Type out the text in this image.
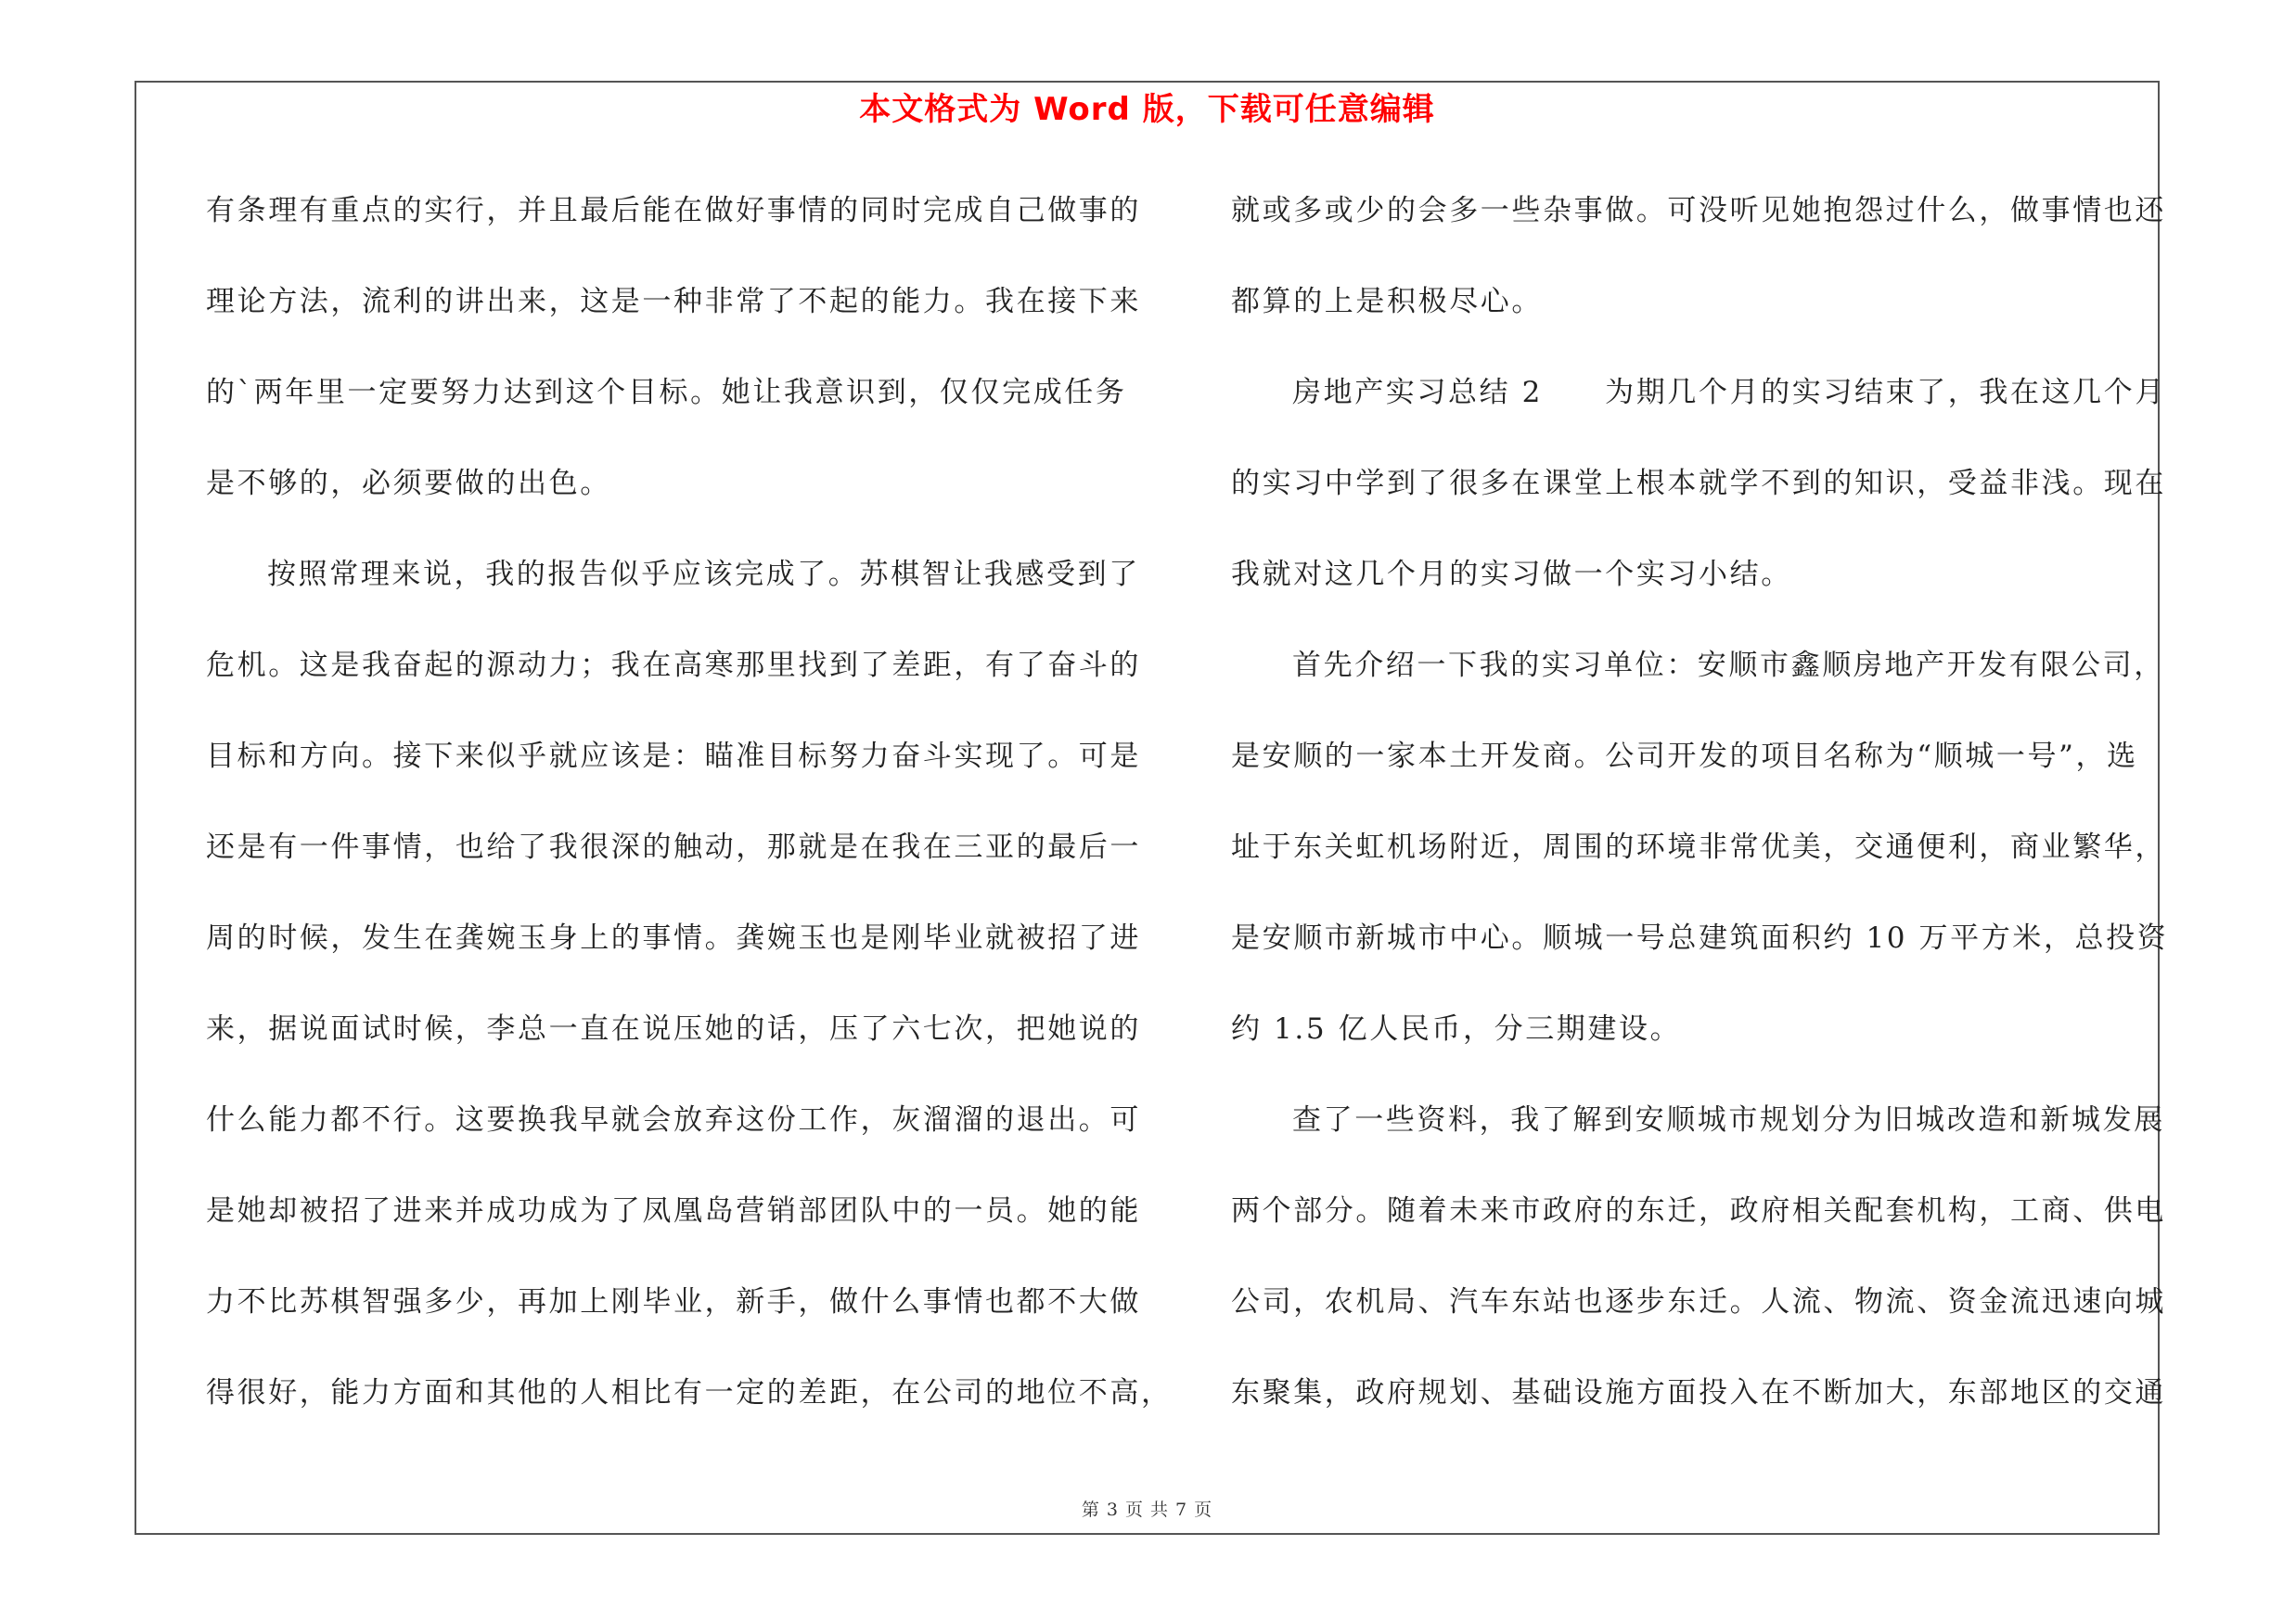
本文格式为 Word 版，下载可任意编辑
有条理有重点的实行，并且最后能在做好事情的同时完成自己做事的
理论方法，流利的讲出来，这是一种非常了不起的能力。我在接下来
的`两年里一定要努力达到这个目标。她让我意识到，仅仅完成任务
是不够的，必须要做的出色。
按照常理来说，我的报告似乎应该完成了。苏棋智让我感受到了
危机。这是我奋起的源动力；我在高寒那里找到了差距，有了奋斗的
目标和方向。接下来似乎就应该是：瞄准目标努力奋斗实现了。可是
还是有一件事情，也给了我很深的触动，那就是在我在三亚的最后一
周的时候，发生在龚婉玉身上的事情。龚婉玉也是刚毕业就被招了进
来，据说面试时候，李总一直在说压她的话，压了六七次，把她说的
什么能力都不行。这要换我早就会放弃这份工作，灰溜溜的退出。可
是她却被招了进来并成功成为了凤凰岛营销部团队中的一员。她的能
力不比苏棋智强多少，再加上刚毕业，新手，做什么事情也都不大做
得很好，能力方面和其他的人相比有一定的差距，在公司的地位不高，
就或多或少的会多一些杂事做。可没听见她抱怨过什么，做事情也还
都算的上是积极尽心。
房地产实习总结 2　　为期几个月的实习结束了，我在这几个月
的实习中学到了很多在课堂上根本就学不到的知识，受益非浅。现在
我就对这几个月的实习做一个实习小结。
首先介绍一下我的实习单位：安顺市鑫顺房地产开发有限公司，
是安顺的一家本土开发商。公司开发的项目名称为“顺城一号”，选
址于东关虹机场附近，周围的环境非常优美，交通便利，商业繁华，
是安顺市新城市中心。顺城一号总建筑面积约 10 万平方米，总投资
约 1.5 亿人民币，分三期建设。
查了一些资料，我了解到安顺城市规划分为旧城改造和新城发展
两个部分。随着未来市政府的东迁，政府相关配套机构，工商、供电
公司，农机局、汽车东站也逐步东迁。人流、物流、资金流迅速向城
东聚集，政府规划、基础设施方面投入在不断加大，东部地区的交通
第 3 页 共 7 页
